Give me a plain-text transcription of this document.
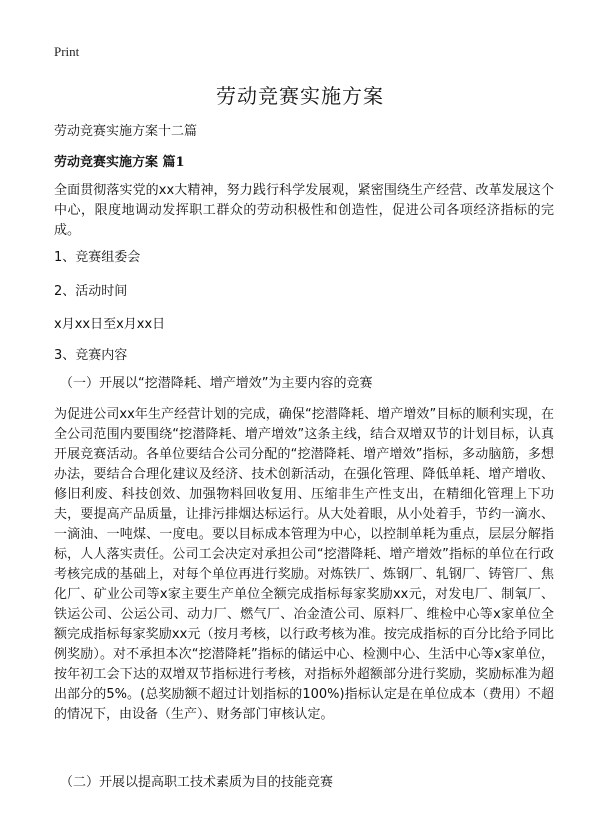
Print
劳动竞赛实施方案
劳动竞赛实施方案十二篇
劳动竞赛实施方案 篇1

全面贯彻落实党的xx大精神，努力践行科学发展观，紧密围绕生产经营、改革发展这个中心，限度地调动发挥职工群众的劳动积极性和创造性，促进公司各项经济指标的完成。

1、竞赛组委会

2、活动时间

x月xx日至x月xx日

3、竞赛内容

（一）开展以“挖潜降耗、增产增效”为主要内容的竞赛

为促进公司xx年生产经营计划的完成，确保“挖潜降耗、增产增效”目标的顺利实现，在全公司范围内要围绕“挖潜降耗、增产增效”这条主线，结合双增双节的计划目标，认真开展竞赛活动。各单位要结合公司分配的“挖潜降耗、增产增效”指标，多动脑筋，多想办法，要结合合理化建议及经济、技术创新活动，在强化管理、降低单耗、增产增收、修旧利废、科技创效、加强物料回收复用、压缩非生产性支出，在精细化管理上下功夫，要提高产品质量，让排污排烟达标运行。从大处着眼，从小处着手，节约一滴水、一滴油、一吨煤、一度电。要以目标成本管理为中心，以控制单耗为重点，层层分解指标，人人落实责任。公司工会决定对承担公司“挖潜降耗、增产增效”指标的单位在行政考核完成的基础上，对每个单位再进行奖励。对炼铁厂、炼钢厂、轧钢厂、铸管厂、焦化厂、矿业公司等x家主要生产单位全额完成指标每家奖励xx元，对发电厂、制氧厂、铁运公司、公运公司、动力厂、燃气厂、冶金渣公司、原料厂、维检中心等x家单位全额完成指标每家奖励xx元（按月考核，以行政考核为准。按完成指标的百分比给予同比例奖励）。对不承担本次“挖潜降耗”指标的储运中心、检测中心、生活中心等x家单位，按年初工会下达的双增双节指标进行考核，对指标外超额部分进行奖励，奖励标准为超出部分的5%。(总奖励额不超过计划指标的100%)指标认定是在单位成本（费用）不超的情况下，由设备（生产）、财务部门审核认定。

（二）开展以提高职工技术素质为目的技能竞赛
